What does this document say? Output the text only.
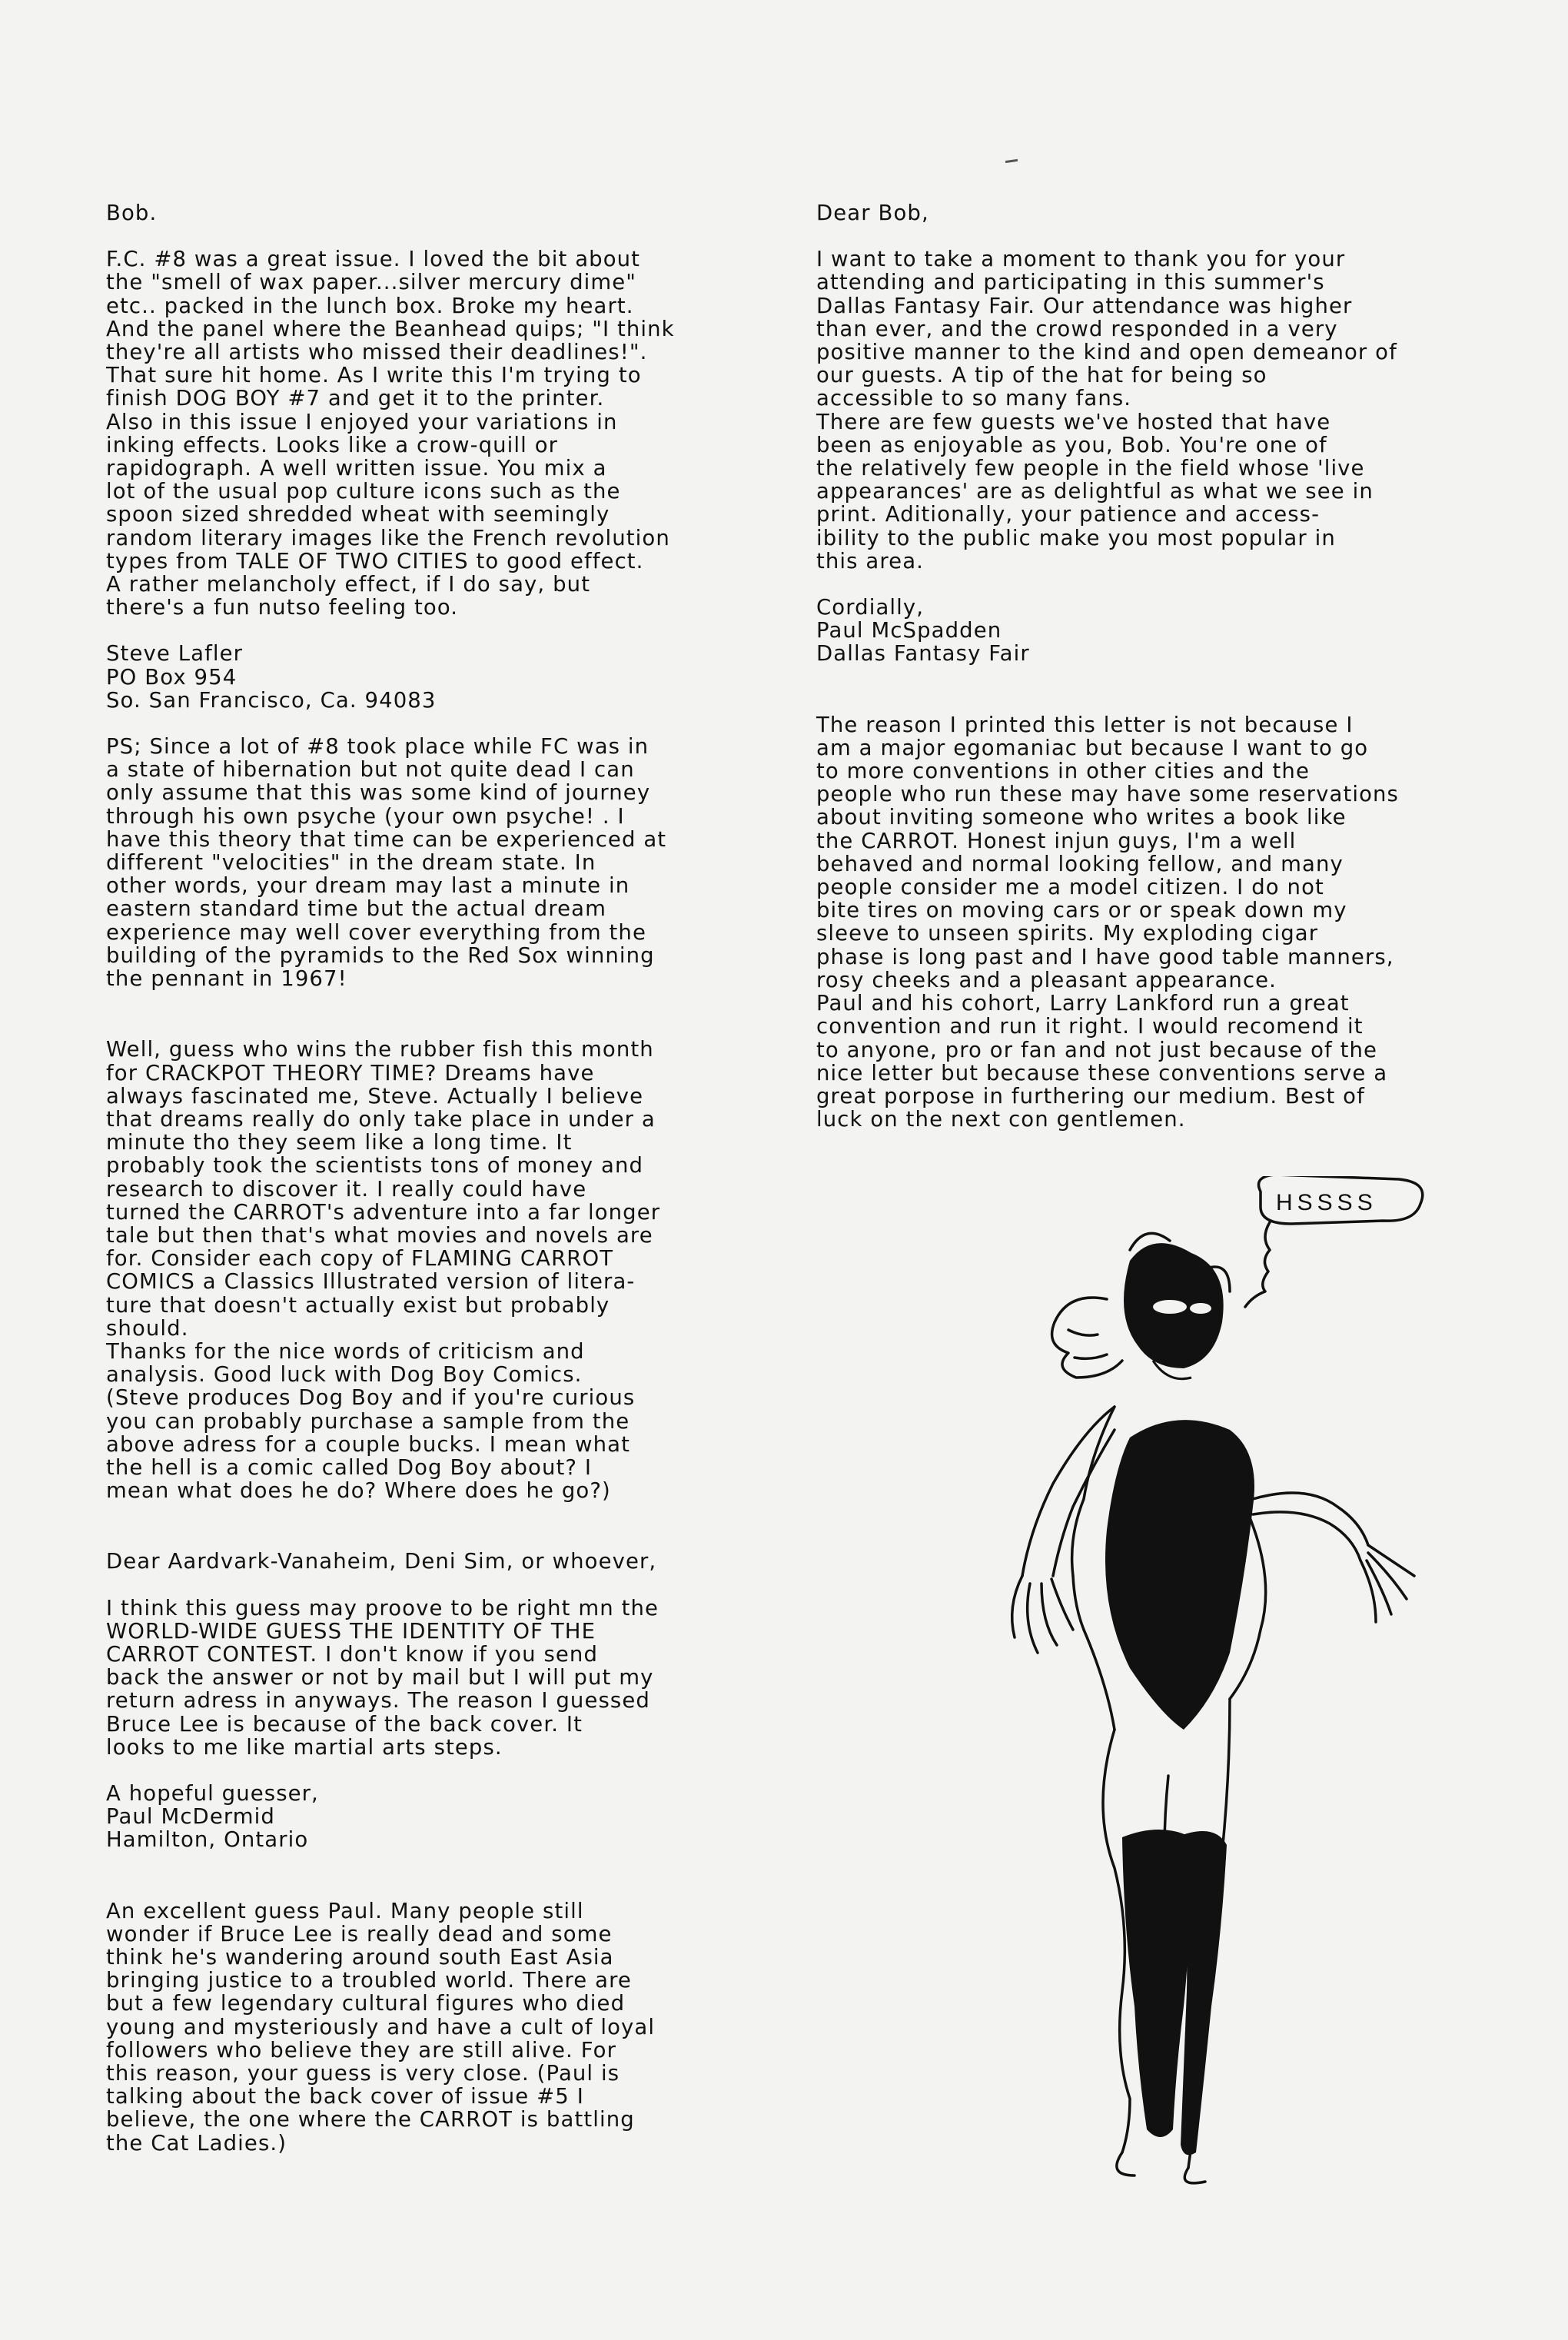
Bob.
F.C. #8 was a great issue. I loved the bit about
the "smell of wax paper...silver mercury dime"
etc.. packed in the lunch box. Broke my heart.
And the panel where the Beanhead quips; "I think
they're all artists who missed their deadlines!".
That sure hit home. As I write this I'm trying to
finish DOG BOY #7 and get it to the printer.
Also in this issue I enjoyed your variations in
inking effects. Looks like a crow-quill or
rapidograph. A well written issue. You mix a
lot of the usual pop culture icons such as the
spoon sized shredded wheat with seemingly
random literary images like the French revolution
types from TALE OF TWO CITIES to good effect.
A rather melancholy effect, if I do say, but
there's a fun nutso feeling too.
Steve Lafler
PO Box 954
So. San Francisco, Ca. 94083
PS; Since a lot of #8 took place while FC was in
a state of hibernation but not quite dead I can
only assume that this was some kind of journey
through his own psyche (your own psyche! . I
have this theory that time can be experienced at
different "velocities" in the dream state. In
other words, your dream may last a minute in
eastern standard time but the actual dream
experience may well cover everything from the
building of the pyramids to the Red Sox winning
the pennant in 1967!
Well, guess who wins the rubber fish this month
for CRACKPOT THEORY TIME? Dreams have
always fascinated me, Steve. Actually I believe
that dreams really do only take place in under a
minute tho they seem like a long time. It
probably took the scientists tons of money and
research to discover it. I really could have
turned the CARROT's adventure into a far longer
tale but then that's what movies and novels are
for. Consider each copy of FLAMING CARROT
COMICS a Classics Illustrated version of litera-
ture that doesn't actually exist but probably
should.
Thanks for the nice words of criticism and
analysis. Good luck with Dog Boy Comics.
(Steve produces Dog Boy and if you're curious
you can probably purchase a sample from the
above adress for a couple bucks. I mean what
the hell is a comic called Dog Boy about? I
mean what does he do? Where does he go?)
Dear Aardvark-Vanaheim, Deni Sim, or whoever,
I think this guess may proove to be right mn the
WORLD-WIDE GUESS THE IDENTITY OF THE
CARROT CONTEST. I don't know if you send
back the answer or not by mail but I will put my
return adress in anyways. The reason I guessed
Bruce Lee is because of the back cover. It
looks to me like martial arts steps.
A hopeful guesser,
Paul McDermid
Hamilton, Ontario
An excellent guess Paul. Many people still
wonder if Bruce Lee is really dead and some
think he's wandering around south East Asia
bringing justice to a troubled world. There are
but a few legendary cultural figures who died
young and mysteriously and have a cult of loyal
followers who believe they are still alive. For
this reason, your guess is very close. (Paul is
talking about the back cover of issue #5 I
believe, the one where the CARROT is battling
the Cat Ladies.)
Dear Bob,
I want to take a moment to thank you for your
attending and participating in this summer's
Dallas Fantasy Fair. Our attendance was higher
than ever, and the crowd responded in a very
positive manner to the kind and open demeanor of
our guests. A tip of the hat for being so
accessible to so many fans.
There are few guests we've hosted that have
been as enjoyable as you, Bob. You're one of
the relatively few people in the field whose 'live
appearances' are as delightful as what we see in
print. Aditionally, your patience and access-
ibility to the public make you most popular in
this area.
Cordially,
Paul McSpadden
Dallas Fantasy Fair
The reason I printed this letter is not because I
am a major egomaniac but because I want to go
to more conventions in other cities and the
people who run these may have some reservations
about inviting someone who writes a book like
the CARROT. Honest injun guys, I'm a well
behaved and normal looking fellow, and many
people consider me a model citizen. I do not
bite tires on moving cars or or speak down my
sleeve to unseen spirits. My exploding cigar
phase is long past and I have good table manners,
rosy cheeks and a pleasant appearance.
Paul and his cohort, Larry Lankford run a great
convention and run it right. I would recomend it
to anyone, pro or fan and not just because of the
nice letter but because these conventions serve a
great porpose in furthering our medium. Best of
luck on the next con gentlemen.
HSSSS
